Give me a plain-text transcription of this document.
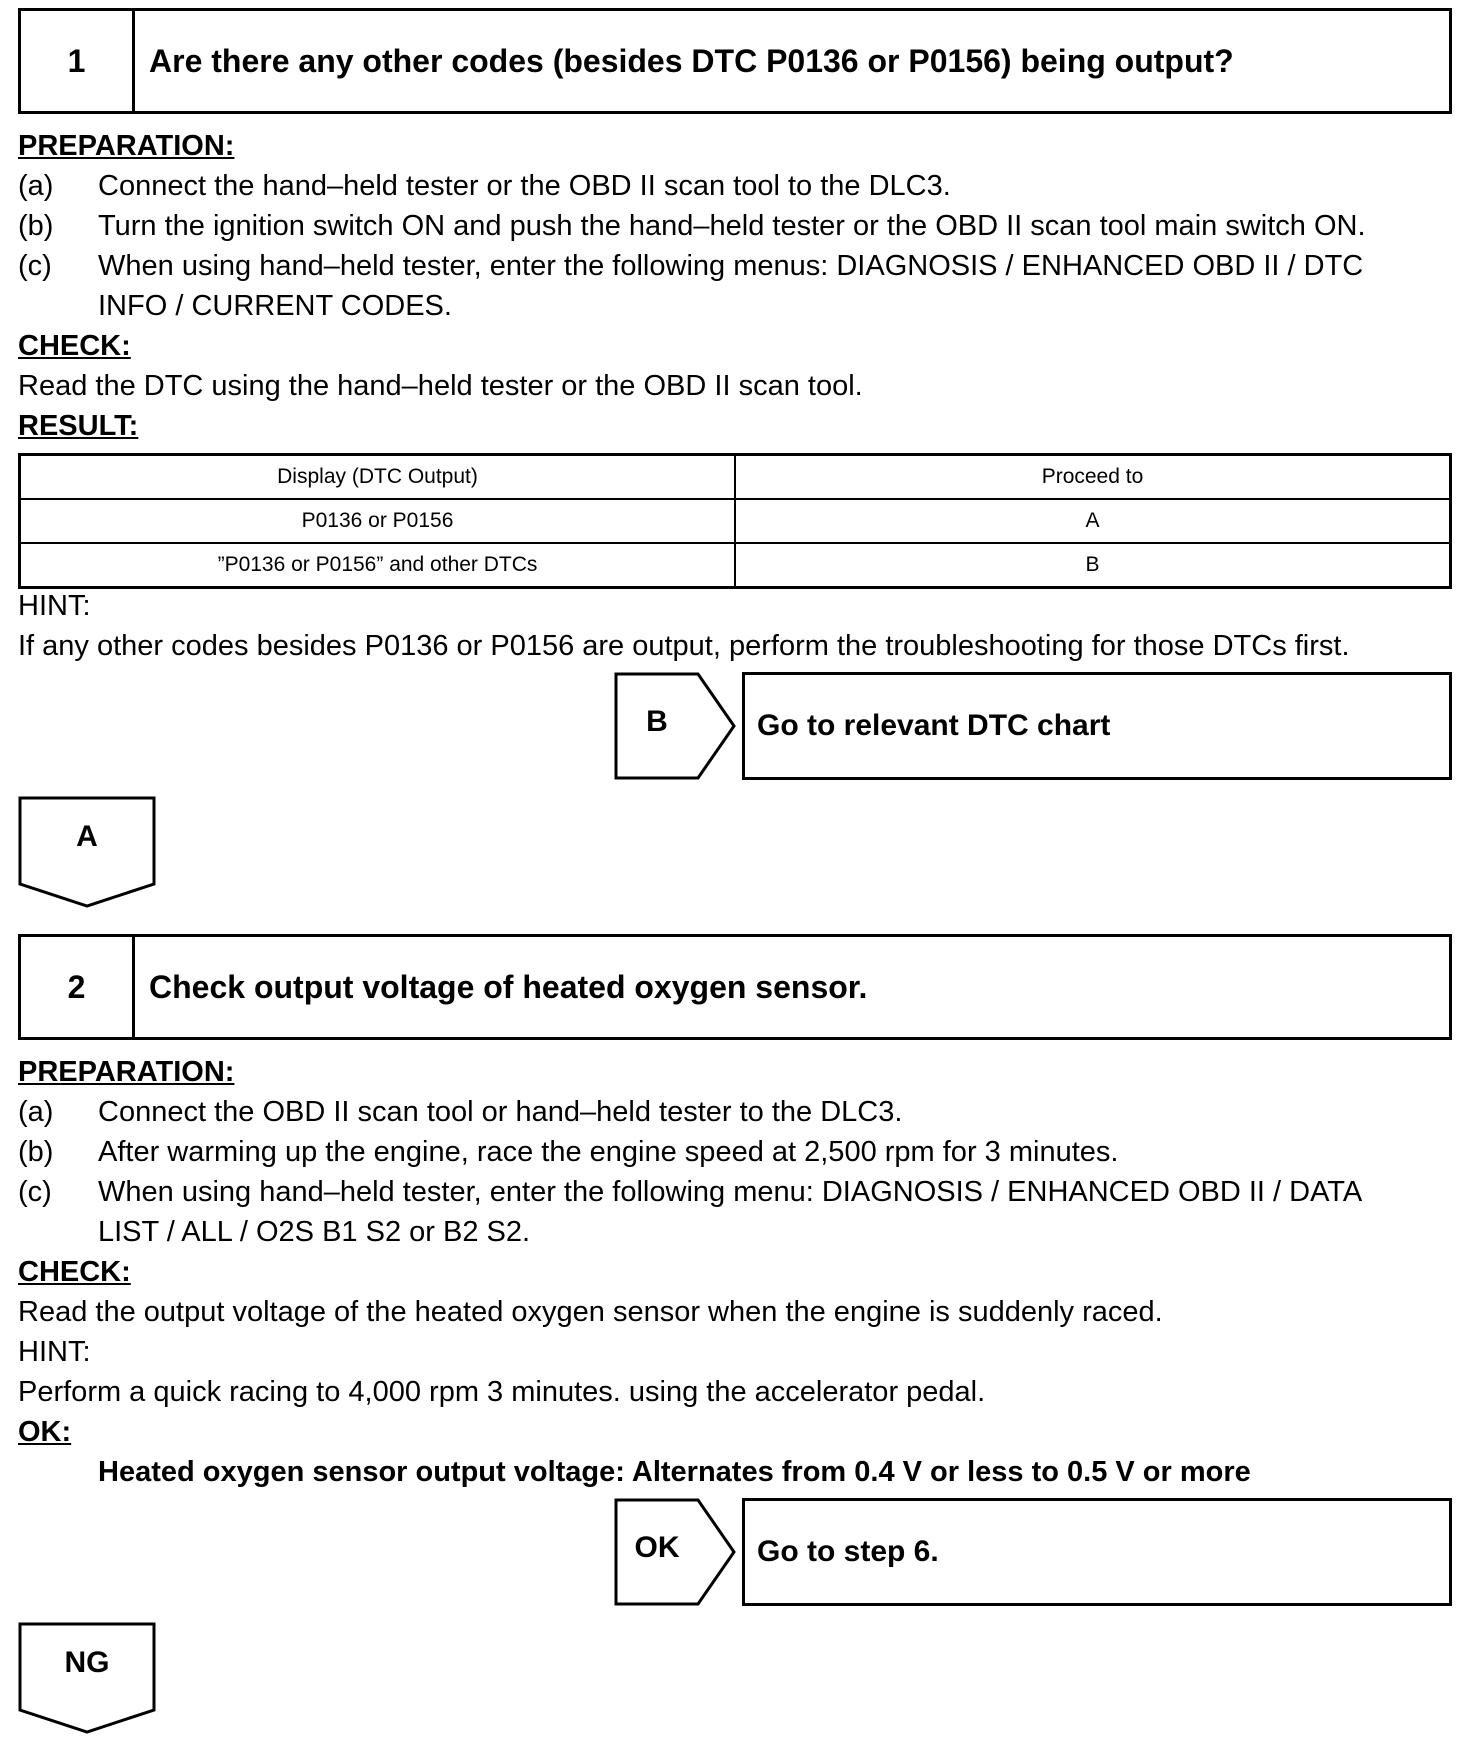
1	Are there any other codes (besides DTC P0136 or P0156) being output?
PREPARATION:
(a) Connect the hand–held tester or the OBD II scan tool to the DLC3.
(b) Turn the ignition switch ON and push the hand–held tester or the OBD II scan tool main switch ON.
(c) When using hand–held tester, enter the following menus: DIAGNOSIS / ENHANCED OBD II / DTC
INFO / CURRENT CODES.
CHECK:
Read the DTC using the hand–held tester or the OBD II scan tool.
RESULT:
Display (DTC Output)	Proceed to
P0136 or P0156	A
”P0136 or P0156” and other DTCs	B
HINT:
If any other codes besides P0136 or P0156 are output, perform the troubleshooting for those DTCs first.
B	Go to relevant DTC chart
A
2	Check output voltage of heated oxygen sensor.
PREPARATION:
(a) Connect the OBD II scan tool or hand–held tester to the DLC3.
(b) After warming up the engine, race the engine speed at 2,500 rpm for 3 minutes.
(c) When using hand–held tester, enter the following menu: DIAGNOSIS / ENHANCED OBD II / DATA
LIST / ALL / O2S B1 S2 or B2 S2.
CHECK:
Read the output voltage of the heated oxygen sensor when the engine is suddenly raced.
HINT:
Perform a quick racing to 4,000 rpm 3 minutes. using the accelerator pedal.
OK:
Heated oxygen sensor output voltage: Alternates from 0.4 V or less to 0.5 V or more
OK	Go to step 6.
NG
